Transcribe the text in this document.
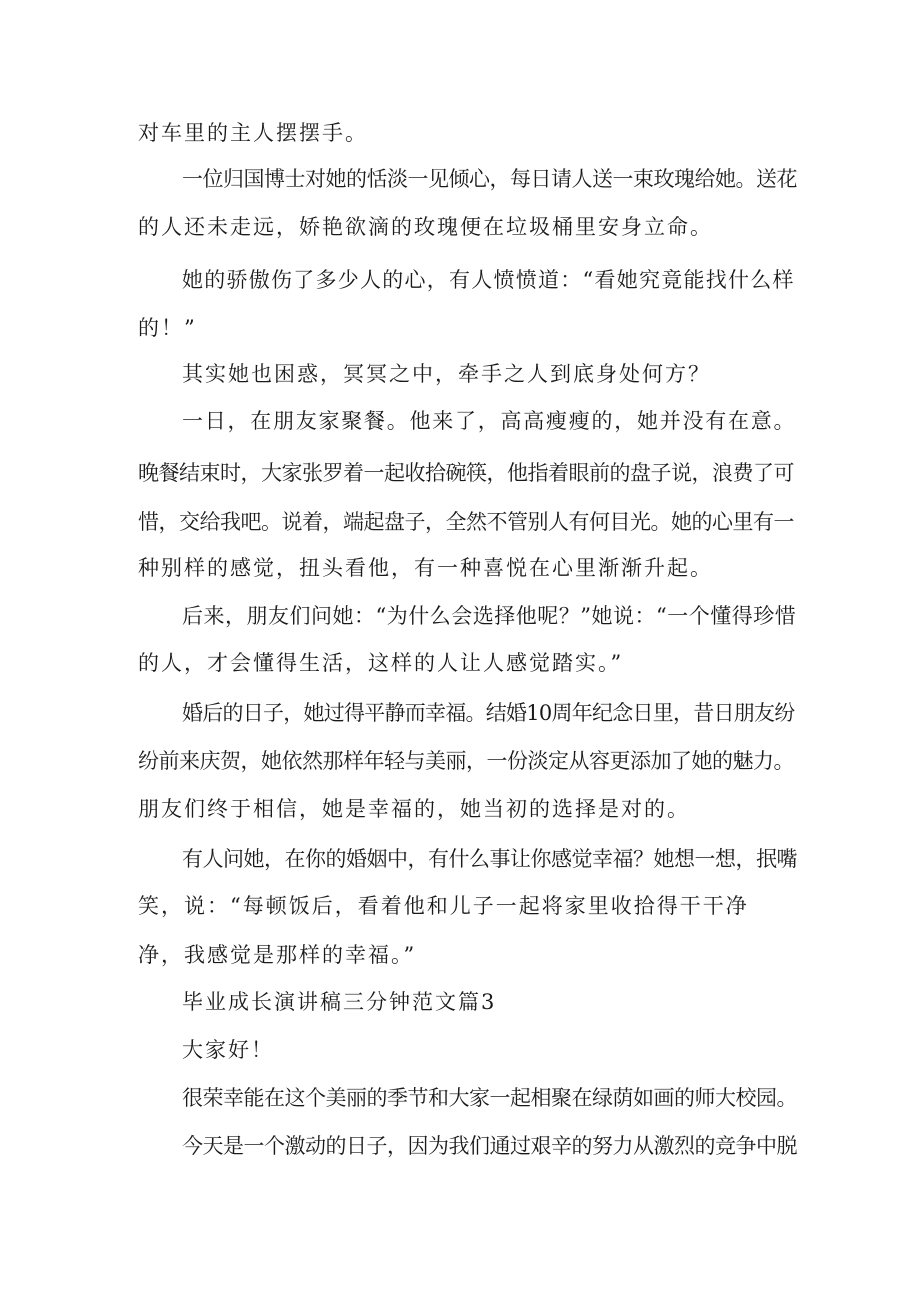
对车里的主人摆摆手。
一位归国博士对她的恬淡一见倾心，每日请人送一束玫瑰给她。送花
的人还未走远，娇艳欲滴的玫瑰便在垃圾桶里安身立命。
她的骄傲伤了多少人的心，有人愤愤道：“看她究竟能找什么样
的！”
其实她也困惑，冥冥之中，牵手之人到底身处何方？
一日，在朋友家聚餐。他来了，高高瘦瘦的，她并没有在意。
晚餐结束时，大家张罗着一起收拾碗筷，他指着眼前的盘子说，浪费了可
惜，交给我吧。说着，端起盘子，全然不管别人有何目光。她的心里有一
种别样的感觉，扭头看他，有一种喜悦在心里渐渐升起。
后来，朋友们问她：“为什么会选择他呢？”她说：“一个懂得珍惜
的人，才会懂得生活，这样的人让人感觉踏实。”
婚后的日子，她过得平静而幸福。结婚10周年纪念日里，昔日朋友纷
纷前来庆贺，她依然那样年轻与美丽，一份淡定从容更添加了她的魅力。
朋友们终于相信，她是幸福的，她当初的选择是对的。
有人问她，在你的婚姻中，有什么事让你感觉幸福？她想一想，抿嘴
笑，说：“每顿饭后，看着他和儿子一起将家里收拾得干干净
净，我感觉是那样的幸福。”
毕业成长演讲稿三分钟范文篇3
大家好！
很荣幸能在这个美丽的季节和大家一起相聚在绿荫如画的师大校园。
今天是一个激动的日子，因为我们通过艰辛的努力从激烈的竞争中脱
